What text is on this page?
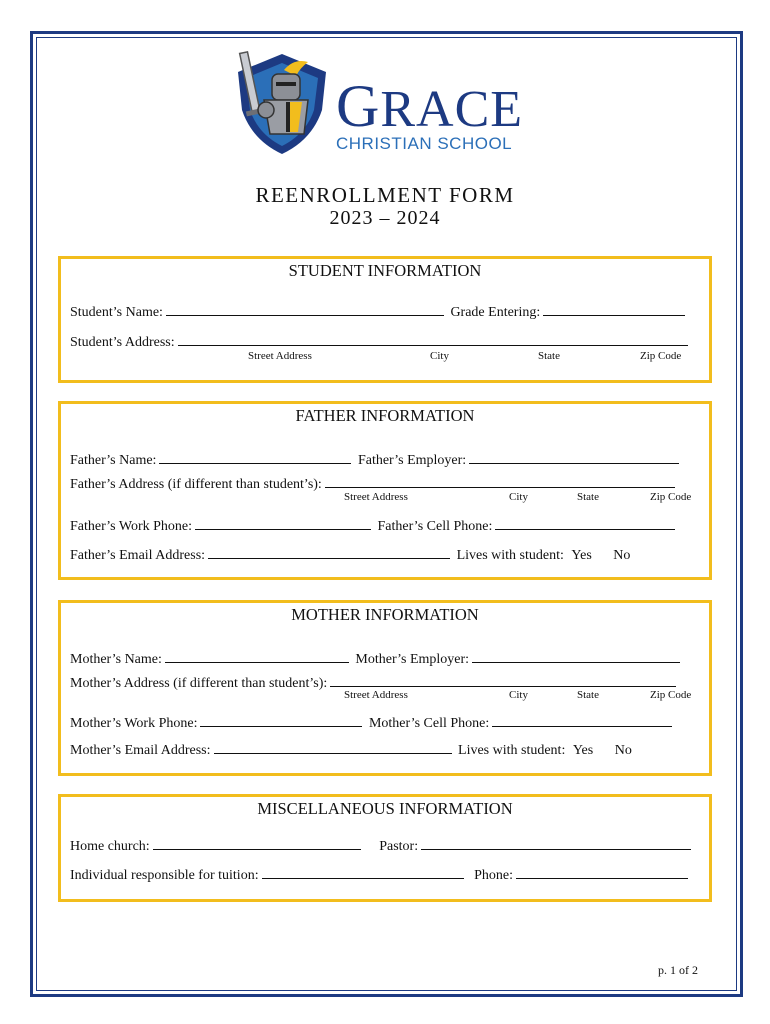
GRACE
CHRISTIAN SCHOOL
REENROLLMENT FORM
2023 – 2024
STUDENT INFORMATION
Student’s Name:	Grade Entering:
Student’s Address:
Street Address	City	State	Zip Code
FATHER INFORMATION
Father’s Name:	Father’s Employer:
Father’s Address (if different than student’s):
Street Address	City	State	Zip Code
Father’s Work Phone:	Father’s Cell Phone:
Father’s Email Address:	Lives with student: Yes No
MOTHER INFORMATION
Mother’s Name:	Mother’s Employer:
Mother’s Address (if different than student’s):
Street Address	City	State	Zip Code
Mother’s Work Phone:	Mother’s Cell Phone:
Mother’s Email Address:	Lives with student: Yes No
MISCELLANEOUS INFORMATION
Home church:	Pastor:
Individual responsible for tuition:	Phone:
p. 1 of 2
